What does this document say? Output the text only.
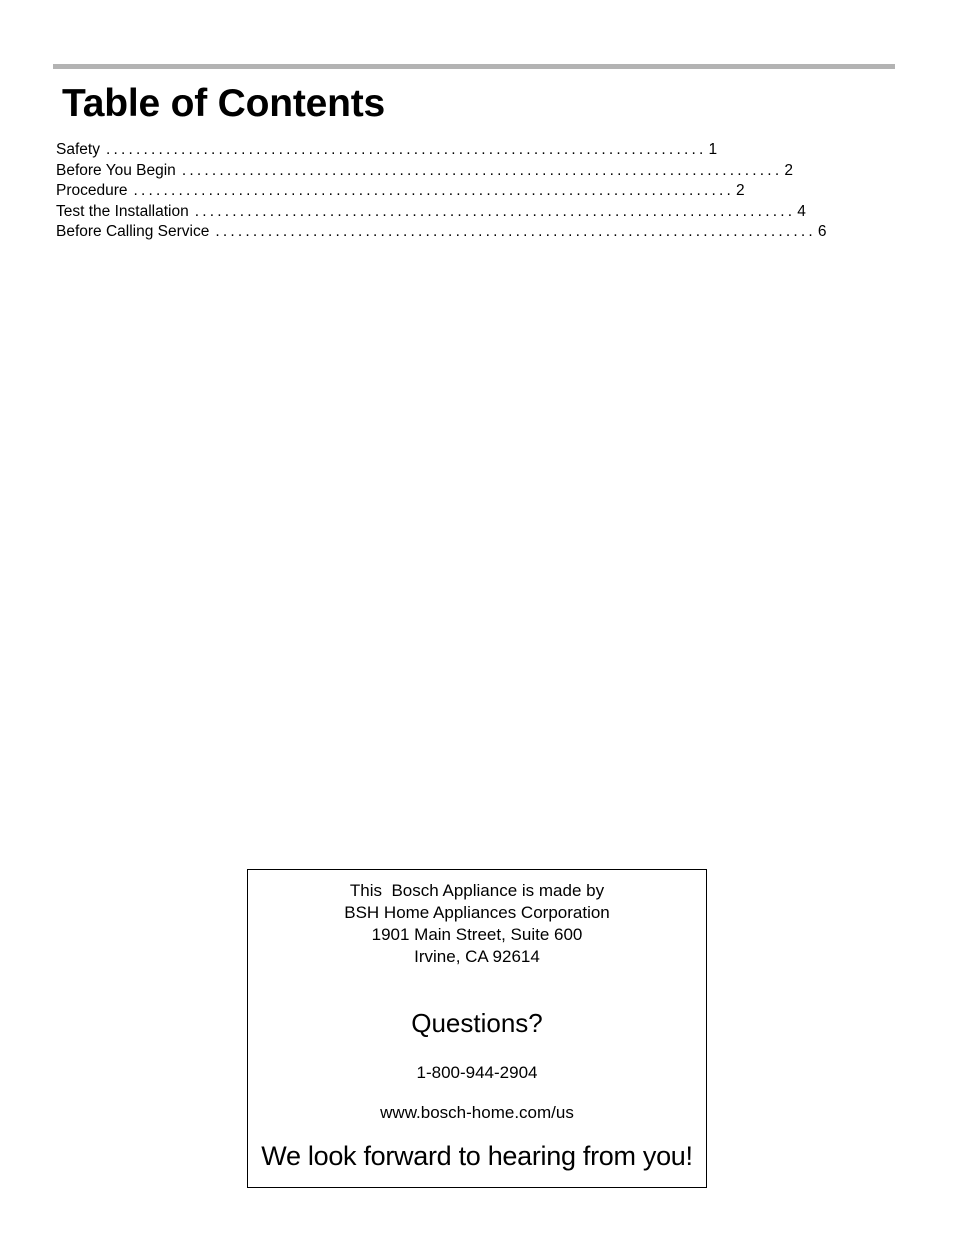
Table of Contents
Safety ................................................................................ 1
Before You Begin ................................................................................ 2
Procedure ................................................................................ 2
Test the Installation ................................................................................ 4
Before Calling Service ................................................................................ 6
This  Bosch Appliance is made by
BSH Home Appliances Corporation
1901 Main Street, Suite 600
Irvine, CA 92614
Questions?
1-800-944-2904
www.bosch-home.com/us
We look forward to hearing from you!
